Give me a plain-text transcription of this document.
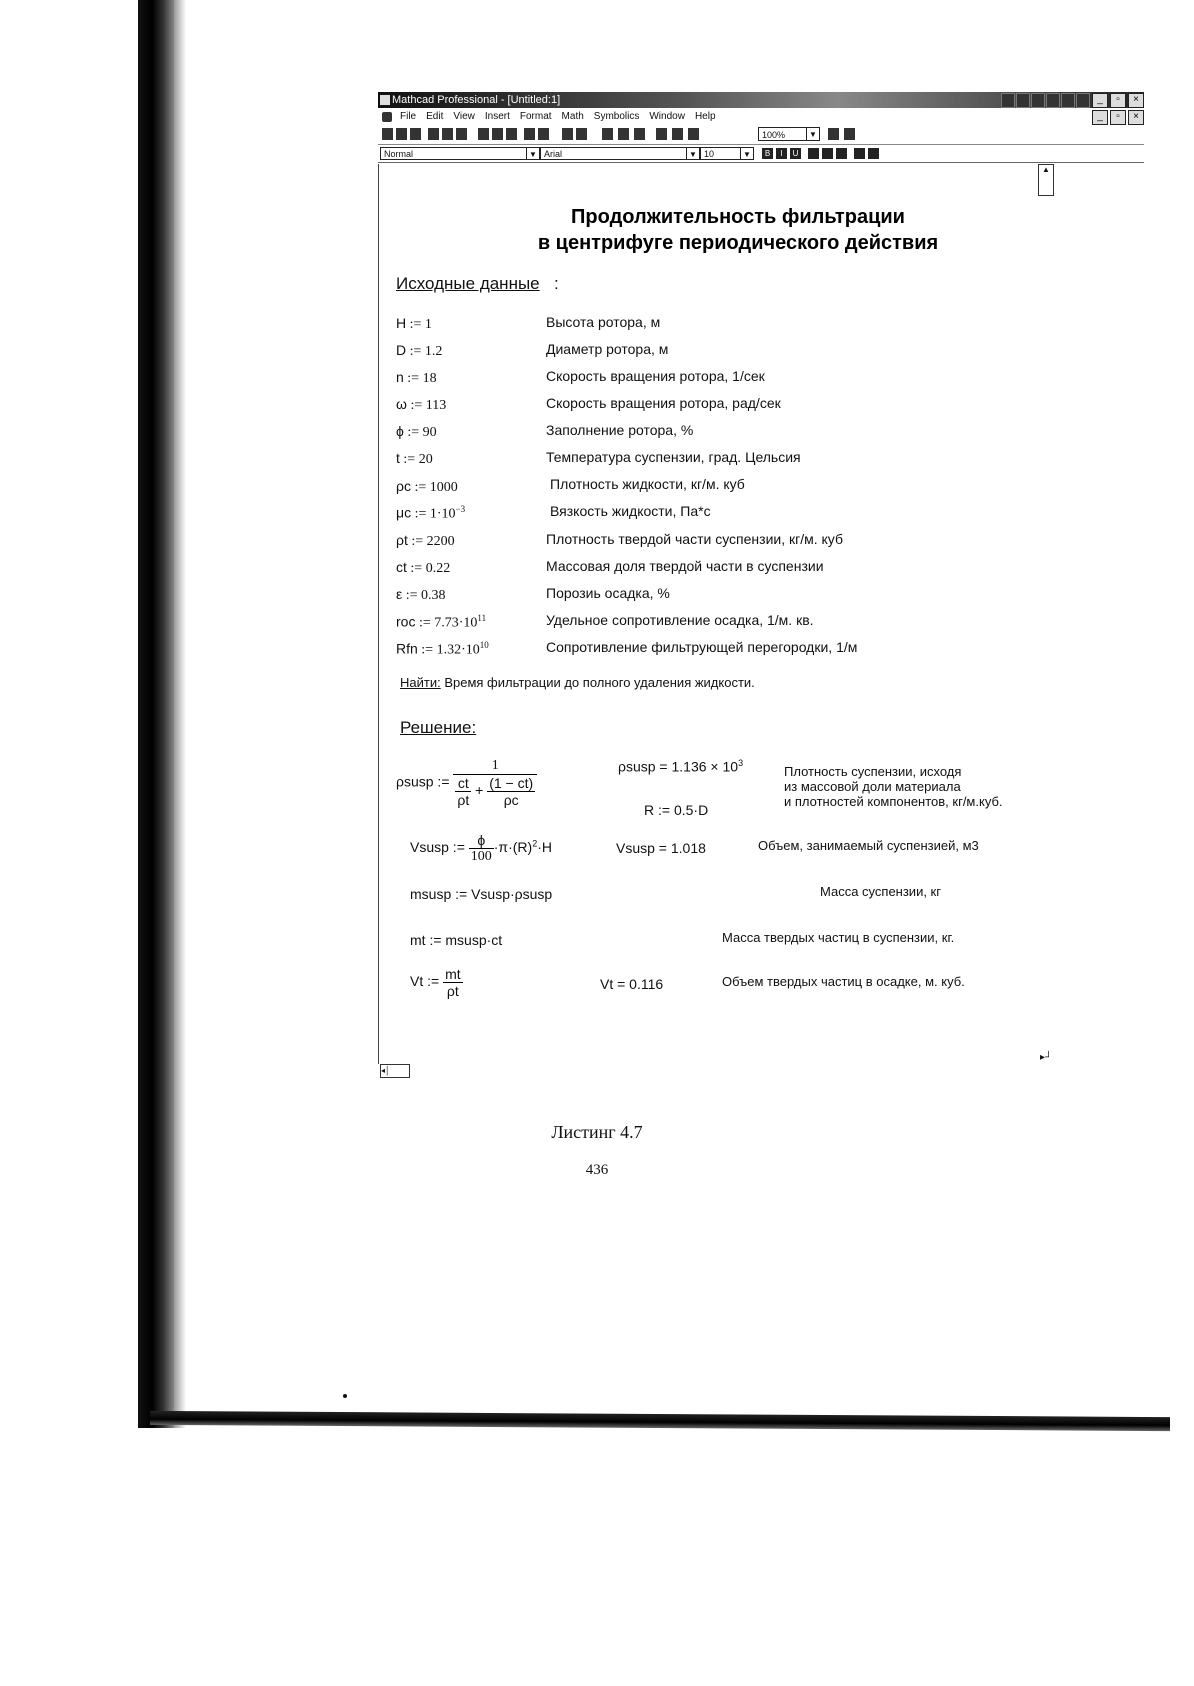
Mathcad Professional - [Untitled:1]	_	▫	×
File Edit View Insert Format Math Symbolics Window Help	_	▫	×
100%	▼
Normal	▼ Arial	▼ 10	▼	B	I	U
▲
◂│
▸┘
Продолжительность фильтрации
в центрифуге периодического действия
Исходные данные :
H := 1	Высота ротора, м
D := 1.2	Диаметр ротора, м
n := 18	Скорость вращения ротора, 1/сек
ω := 113	Скорость вращения ротора, рад/сек
ϕ := 90	Заполнение ротора, %
t := 20	Температура суспензии, град. Цельсия
ρc := 1000	Плотность жидкости, кг/м. куб
μc := $1\cdot 10^{-3}$	Вязкость жидкости, Па*с
ρt := 2200	Плотность твердой части суспензии, кг/м. куб
ct := 0.22	Массовая доля твердой части в суспензии
ε := 0.38	Порозиь осадка, %
roc := $7.73\cdot 10^{11}$	Удельное сопротивление осадка, 1/м. кв.
Rfn := $1.32\cdot 10^{10}$	Сопротивление фильтрующей перегородки, 1/м
Найти: Время фильтрации до полного удаления жидкости.
Решение:
ρsusp := $\frac{1}{\frac{ct}{\rho t} + \frac{(1 - ct)}{\rho c}}$	ρsusp = $1.136 \times 10^3$
R := 0.5·D
Плотность суспензии, исходя
из массовой доли материала
и плотностей компонентов, кг/м.куб.
Vsusp := $\frac{\phi}{100} \cdot\pi\cdot(R)^2\cdot H$	Vsusp = 1.018	Объем, занимаемый суспензией, м3
msusp := Vsusp·ρsusp	Масса суспензии, кг
mt := msusp·ct	Масса твердых частиц в суспензии, кг.
Vt := $\frac{mt}{\rho t}$	Vt = 0.116	Объем твердых частиц в осадке, м. куб.
Листинг 4.7
436
